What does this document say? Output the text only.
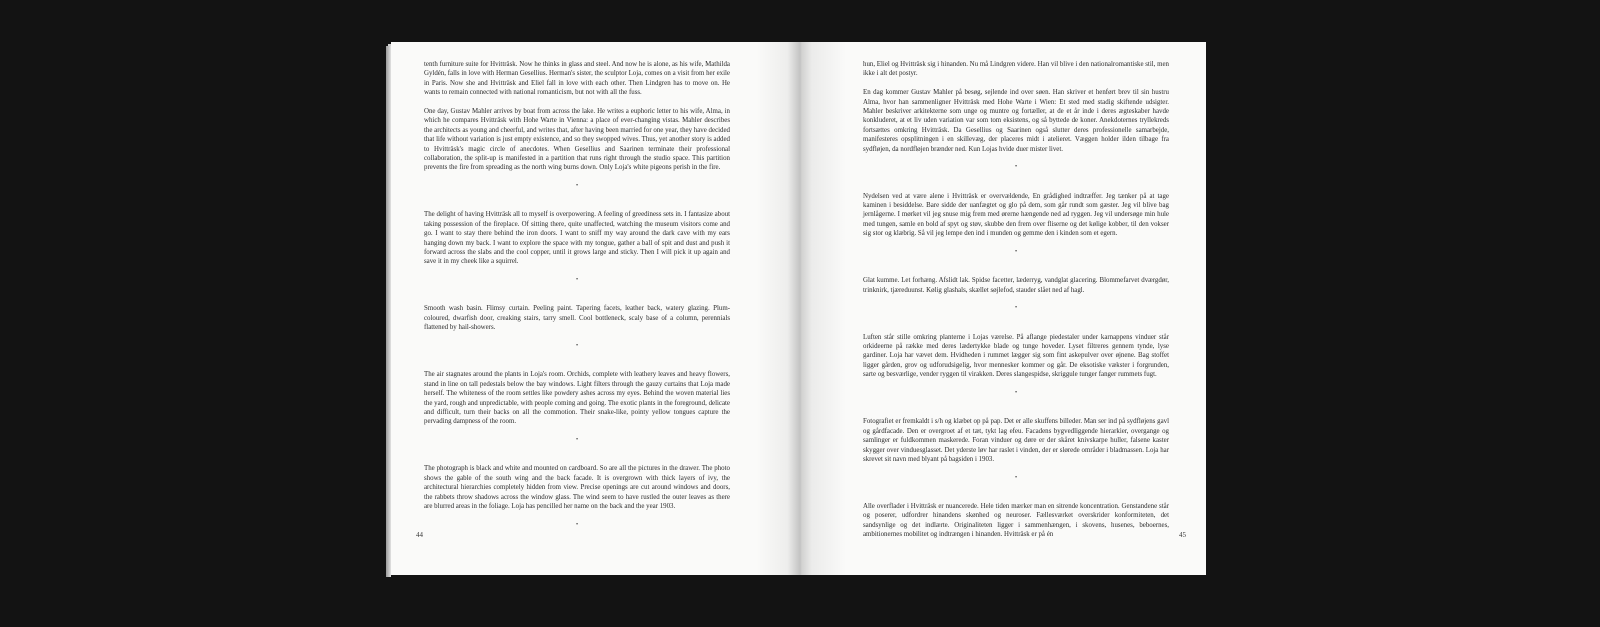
tenth furniture suite for Hvitträsk. Now he thinks in glass and steel. And now he is alone, as his wife, Mathilda Gyldén, falls in love with Herman Gesellius. Herman's sister, the sculptor Loja, comes on a visit from her exile in Paris. Now she and Hvitträsk and Eliel fall in love with each other. Then Lindgren has to move on. He wants to remain connected with national romanticism, but not with all the fuss.

One day, Gustav Mahler arrives by boat from across the lake. He writes a euphoric letter to his wife, Alma, in which he compares Hvitträsk with Hohe Warte in Vienna: a place of ever-changing vistas. Mahler describes the architects as young and cheerful, and writes that, after having been married for one year, they have decided that life without variation is just empty existence, and so they swopped wives. Thus, yet another story is added to Hvitträsk's magic circle of anecdotes. When Gesellius and Saarinen terminate their professional collaboration, the split-up is manifested in a partition that runs right through the studio space. This partition prevents the fire from spreading as the north wing burns down. Only Loja's white pigeons perish in the fire.

•

The delight of having Hvitträsk all to myself is overpowering. A feeling of greediness sets in. I fantasize about taking possession of the fireplace. Of sitting there, quite unaffected, watching the museum visitors come and go. I want to stay there behind the iron doors. I want to sniff my way around the dark cave with my ears hanging down my back. I want to explore the space with my tongue, gather a ball of spit and dust and push it forward across the slabs and the cool copper, until it grows large and sticky. Then I will pick it up again and save it in my cheek like a squirrel.

•

Smooth wash basin. Flimsy curtain. Peeling paint. Tapering facets, leather back, watery glazing. Plum-coloured, dwarfish door, creaking stairs, tarry smell. Cool bottleneck, scaly base of a column, perennials flattened by hail-showers.

•

The air stagnates around the plants in Loja's room. Orchids, complete with leathery leaves and heavy flowers, stand in line on tall pedestals below the bay windows. Light filters through the gauzy curtains that Loja made herself. The whiteness of the room settles like powdery ashes across my eyes. Behind the woven material lies the yard, rough and unpredictable, with people coming and going. The exotic plants in the foreground, delicate and difficult, turn their backs on all the commotion. Their snake-like, pointy yellow tongues capture the pervading dampness of the room.

•

The photograph is black and white and mounted on cardboard. So are all the pictures in the drawer. The photo shows the gable of the south wing and the back facade. It is overgrown with thick layers of ivy, the architectural hierarchies completely hidden from view. Precise openings are cut around windows and doors, the rabbets throw shadows across the window glass. The wind seem to have rustled the outer leaves as there are blurred areas in the foliage. Loja has pencilled her name on the back and the year 1903.

•
44

hun, Eliel og Hvitträsk sig i hinanden. Nu må Lindgren videre. Han vil blive i den nationalromantiske stil, men ikke i alt det postyr.

En dag kommer Gustav Mahler på besøg, sejlende ind over søen. Han skriver et henført brev til sin hustru Alma, hvor han sammenligner Hvitträsk med Hohe Warte i Wien: Et sted med stadig skiftende udsigter. Mahler beskriver arkitekterne som unge og muntre og fortæller, at de et år inde i deres ægteskaber havde konkluderet, at et liv uden variation var som tom eksistens, og så byttede de koner. Anekdoternes tryllekreds fortsættes omkring Hvitträsk. Da Gesellius og Saarinen også slutter deres professionelle samarbejde, manifesteres opsplitningen i en skillevæg, der placeres midt i atelieret. Væggen holder ilden tilbage fra sydfløjen, da nordfløjen brænder ned. Kun Lojas hvide duer mister livet.

•

Nydelsen ved at være alene i Hvitträsk er overvældende, En grådighed indtræffer. Jeg tænker på at tage kaminen i besiddelse. Bare sidde der uanfægtet og glo på dem, som går rundt som gæster. Jeg vil blive bag jernlågerne. I mørket vil jeg snuse mig frem med ørerne hængende ned ad ryggen. Jeg vil undersøge min hule med tungen, samle en bold af spyt og støv, skubbe den frem over fliserne og det kølige kobber, til den vokser sig stor og klæbrig. Så vil jeg lempe den ind i munden og gemme den i kinden som et egern.

•

Glat kumme. Let forhæng. Afslidt lak. Spidse facetter, læderryg, vandglat glacering. Blommefarvet dværgdør, trinknirk, tjæreduunst. Kølig glashals, skællet søjlefod, stauder slået ned af hagl.

•

Luften står stille omkring planterne i Lojas værelse. På aflange piedestaler under karnappens vinduer står orkideerne på række med deres lædertykke blade og tunge hoveder. Lyset filtreres gennem tynde, lyse gardiner. Loja har vævet dem. Hvidheden i rummet lægger sig som fint askepulver over øjnene. Bag stoffet ligger gården, grov og udforudsigelig, hvor mennesker kommer og går. De eksotiske vækster i forgrunden, sarte og besværlige, vender ryggen til virakken. Deres slangespidse, skriggule tunger fanger rummets fugt.

•

Fotografiet er fremkaldt i s/h og klæbet op på pap. Det er alle skuffens billeder. Man ser ind på sydfløjens gavl og gårdfacade. Den er overgroet af et tæt, tykt lag efeu. Facadens bygvedliggende hierarkier, overgange og samlinger er fuldkommen maskerede. Foran vinduer og døre er der skåret knivskarpe huller, falsene kaster skygger over vinduesglasset. Det yderste løv har raslet i vinden, der er slørede områder i bladmassen. Loja har skrevet sit navn med blyant på bagsiden i 1903.

•

Alle overflader i Hvitträsk er nuancerede. Hele tiden mærker man en sitrende koncentration. Genstandene står og poserer, udfordrer hinandens skønhed og neuroser. Fællesværket overskrider konformiteten, det sandsynlige og det indlærte. Originaliteten ligger i sammenhængen, i skovens, husenes, beboernes, ambitionernes mobilitet og indtrængen i hinanden. Hvitträsk er på én	45
